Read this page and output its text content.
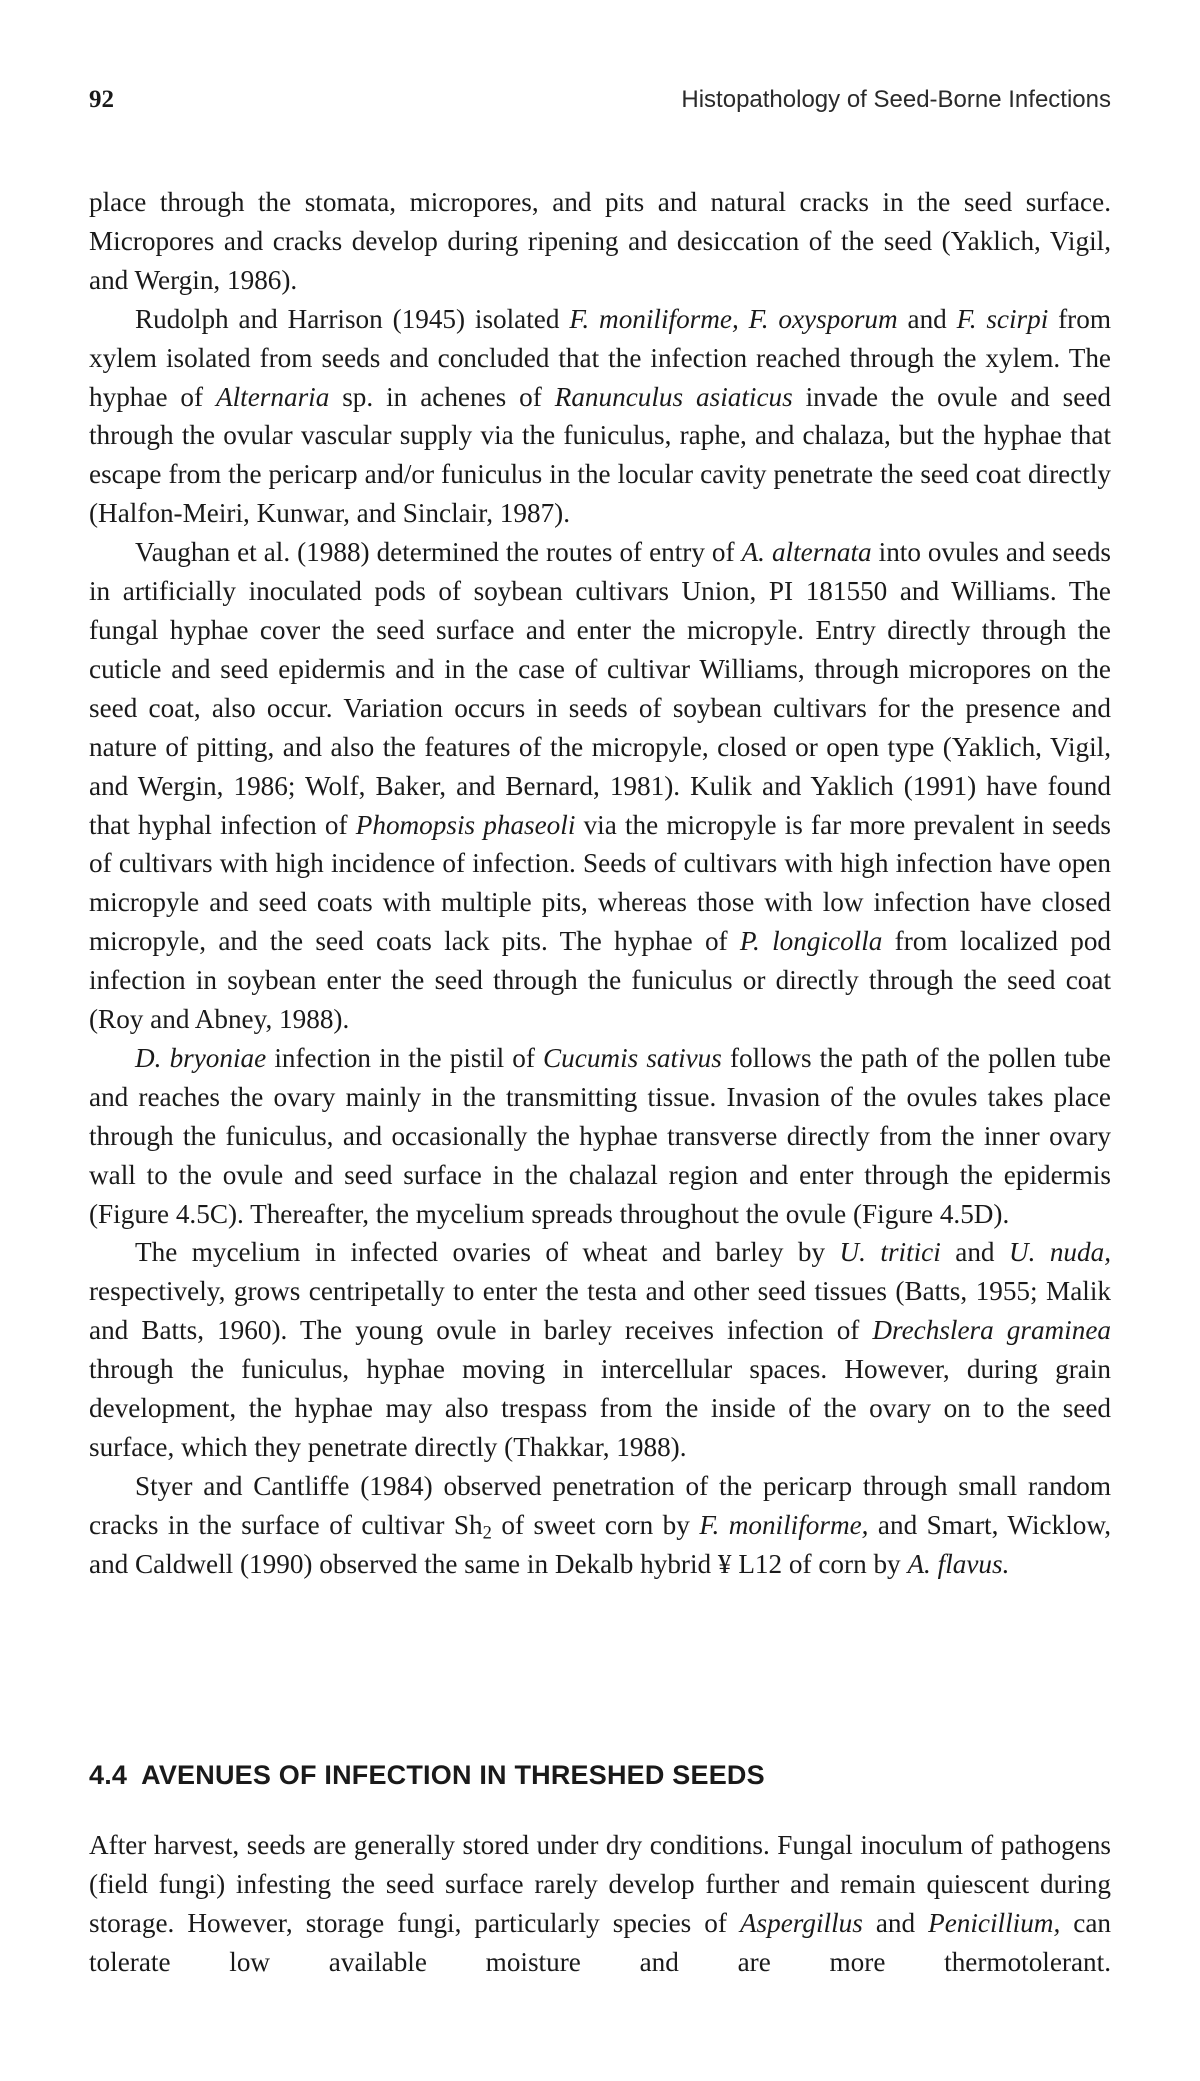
92	Histopathology of Seed-Borne Infections

place through the stomata, micropores, and pits and natural cracks in the seed surface. Micropores and cracks develop during ripening and desiccation of the seed (Yaklich, Vigil, and Wergin, 1986).

Rudolph and Harrison (1945) isolated F. moniliforme, F. oxysporum and F. scirpi from xylem isolated from seeds and concluded that the infection reached through the xylem. The hyphae of Alternaria sp. in achenes of Ranunculus asiaticus invade the ovule and seed through the ovular vascular supply via the funiculus, raphe, and chalaza, but the hyphae that escape from the pericarp and/or funiculus in the locular cavity penetrate the seed coat directly (Halfon-Meiri, Kunwar, and Sinclair, 1987).

Vaughan et al. (1988) determined the routes of entry of A. alternata into ovules and seeds in artificially inoculated pods of soybean cultivars Union, PI 181550 and Williams. The fungal hyphae cover the seed surface and enter the micropyle. Entry directly through the cuticle and seed epidermis and in the case of cultivar Williams, through micropores on the seed coat, also occur. Variation occurs in seeds of soybean cultivars for the presence and nature of pitting, and also the features of the micropyle, closed or open type (Yaklich, Vigil, and Wergin, 1986; Wolf, Baker, and Bernard, 1981). Kulik and Yaklich (1991) have found that hyphal infection of Phomopsis phaseoli via the micropyle is far more prevalent in seeds of cultivars with high incidence of infection. Seeds of cultivars with high infection have open micropyle and seed coats with multiple pits, whereas those with low infection have closed micropyle, and the seed coats lack pits. The hyphae of P. longicolla from localized pod infection in soybean enter the seed through the funiculus or directly through the seed coat (Roy and Abney, 1988).

D. bryoniae infection in the pistil of Cucumis sativus follows the path of the pollen tube and reaches the ovary mainly in the transmitting tissue. Invasion of the ovules takes place through the funiculus, and occasionally the hyphae transverse directly from the inner ovary wall to the ovule and seed surface in the chalazal region and enter through the epidermis (Figure 4.5C). Thereafter, the mycelium spreads throughout the ovule (Figure 4.5D).

The mycelium in infected ovaries of wheat and barley by U. tritici and U. nuda, respectively, grows centripetally to enter the testa and other seed tissues (Batts, 1955; Malik and Batts, 1960). The young ovule in barley receives infection of Drechslera graminea through the funiculus, hyphae moving in intercellular spaces. However, during grain development, the hyphae may also trespass from the inside of the ovary on to the seed surface, which they penetrate directly (Thakkar, 1988).

Styer and Cantliffe (1984) observed penetration of the pericarp through small random cracks in the surface of cultivar $Sh_2$ of sweet corn by F. moniliforme, and Smart, Wicklow, and Caldwell (1990) observed the same in Dekalb hybrid ¥ L12 of corn by A. flavus.

4.4 AVENUES OF INFECTION IN THRESHED SEEDS

After harvest, seeds are generally stored under dry conditions. Fungal inoculum of pathogens (field fungi) infesting the seed surface rarely develop further and remain quiescent during storage. However, storage fungi, particularly species of Aspergillus and Penicillium, can tolerate low available moisture and are more thermotolerant.
